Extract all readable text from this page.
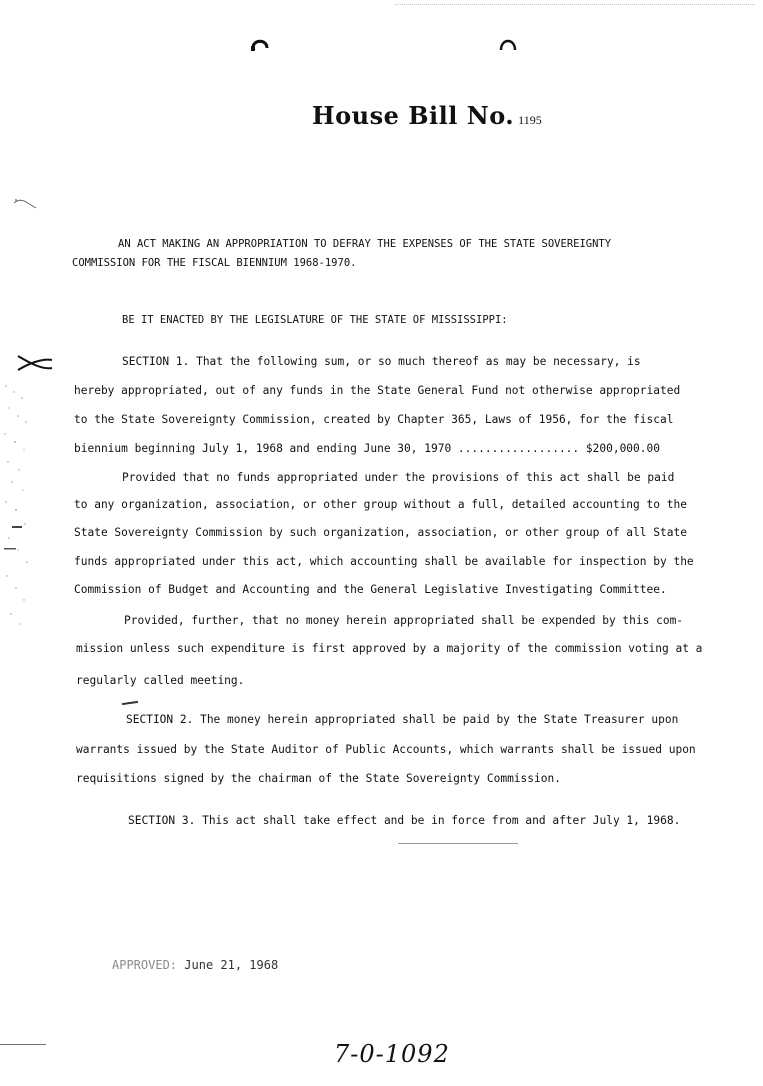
House Bill No. 1195
AN ACT MAKING AN APPROPRIATION TO DEFRAY THE EXPENSES OF THE STATE SOVEREIGNTY
COMMISSION FOR THE FISCAL BIENNIUM 1968-1970.
BE IT ENACTED BY THE LEGISLATURE OF THE STATE OF MISSISSIPPI:
SECTION 1. That the following sum, or so much thereof as may be necessary, is
hereby appropriated, out of any funds in the State General Fund not otherwise appropriated
to the State Sovereignty Commission, created by Chapter 365, Laws of 1956, for the fiscal
biennium beginning July 1, 1968 and ending June 30, 1970 .................. $200,000.00
Provided that no funds appropriated under the provisions of this act shall be paid
to any organization, association, or other group without a full, detailed accounting to the
State Sovereignty Commission by such organization, association, or other group of all State
funds appropriated under this act, which accounting shall be available for inspection by the
Commission of Budget and Accounting and the General Legislative Investigating Committee.
Provided, further, that no money herein appropriated shall be expended by this com-
mission unless such expenditure is first approved by a majority of the commission voting at a
regularly called meeting.
SECTION 2. The money herein appropriated shall be paid by the State Treasurer upon
warrants issued by the State Auditor of Public Accounts, which warrants shall be issued upon
requisitions signed by the chairman of the State Sovereignty Commission.
SECTION 3. This act shall take effect and be in force from and after July 1, 1968.
APPROVED: June 21, 1968
7-0-1092
